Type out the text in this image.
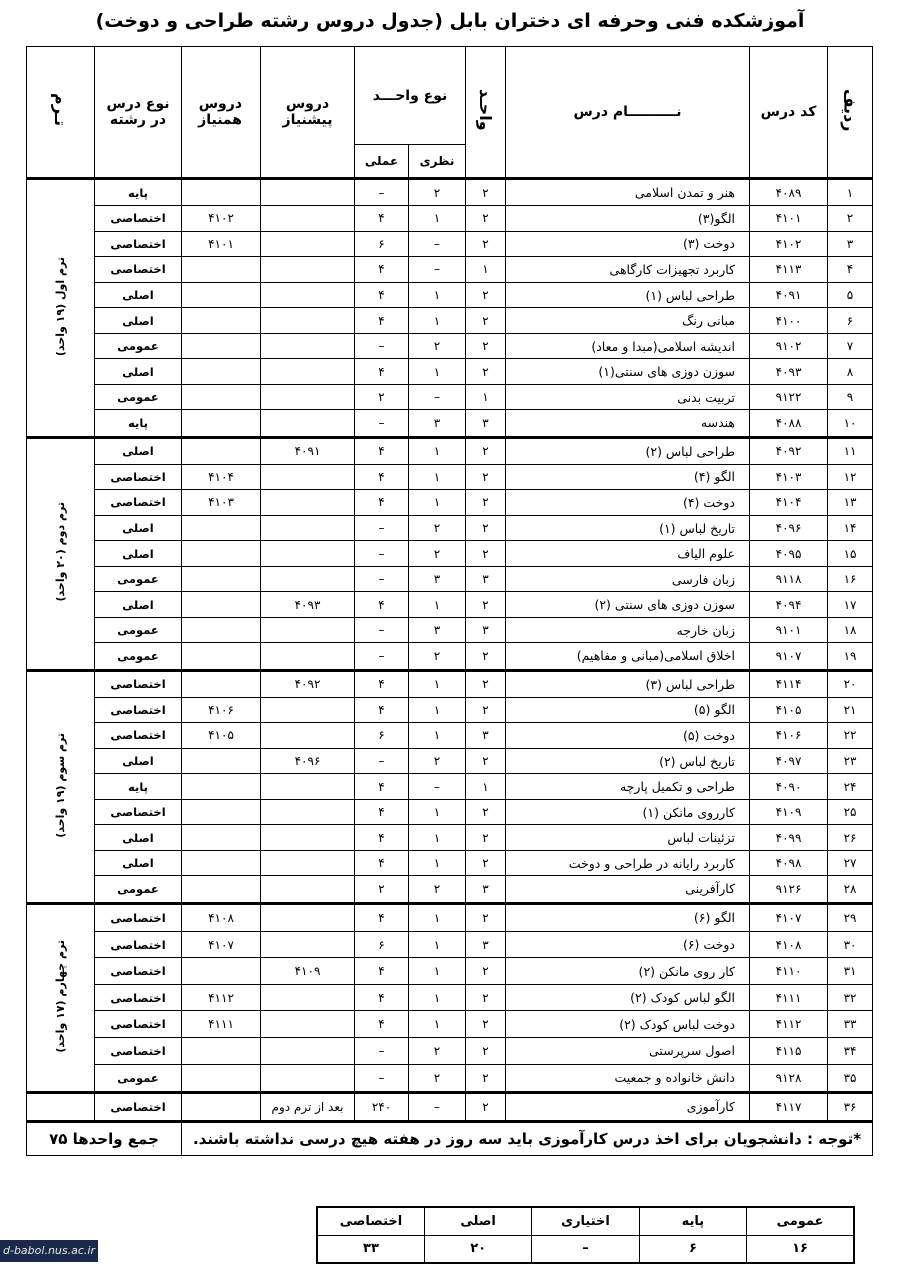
آموزشکده فنی وحرفه ای دختران بابل (جدول دروس رشته طراحی و دوخت)
ردیف	کد درس	نــــــــــام درس	واحـد	نوع واحـــد		دروس پیشنیاز	دروس همنیاز	نوع درس در رشته	تـرم
				نظری	عملی				
۱	۴۰۸۹	هنر و تمدن اسلامی	۲	۲	–			پایه	ترم اول (۱۹ واحد)
۲	۴۱۰۱	الگو(۳)	۲	۱	۴		۴۱۰۲	اختصاصی	
۳	۴۱۰۲	دوخت (۳)	۲	–	۶		۴۱۰۱	اختصاصی	
۴	۴۱۱۳	کاربرد تجهیزات کارگاهی	۱	–	۴			اختصاصی	
۵	۴۰۹۱	طراحی لباس (۱)	۲	۱	۴			اصلی	
۶	۴۱۰۰	مبانی رنگ	۲	۱	۴			اصلی	
۷	۹۱۰۲	اندیشه اسلامی(مبدا و معاد)	۲	۲	–			عمومی	
۸	۴۰۹۳	سوزن دوزی های سنتی(۱)	۲	۱	۴			اصلی	
۹	۹۱۲۲	تربیت بدنی	۱	–	۲			عمومی	
۱۰	۴۰۸۸	هندسه	۳	۳	–			پایه	
۱۱	۴۰۹۲	طراحی لباس (۲)	۲	۱	۴	۴۰۹۱		اصلی	ترم دوم (۲۰ واحد)
۱۲	۴۱۰۳	الگو (۴)	۲	۱	۴		۴۱۰۴	اختصاصی	
۱۳	۴۱۰۴	دوخت (۴)	۲	۱	۴		۴۱۰۳	اختصاصی	
۱۴	۴۰۹۶	تاریخ لباس (۱)	۲	۲	–			اصلی	
۱۵	۴۰۹۵	علوم الیاف	۲	۲	–			اصلی	
۱۶	۹۱۱۸	زبان فارسی	۳	۳	–			عمومی	
۱۷	۴۰۹۴	سوزن دوزی های سنتی (۲)	۲	۱	۴	۴۰۹۳		اصلی	
۱۸	۹۱۰۱	زبان خارجه	۳	۳	–			عمومی	
۱۹	۹۱۰۷	اخلاق اسلامی(مبانی و مفاهیم)	۲	۲	–			عمومی	
۲۰	۴۱۱۴	طراحی لباس (۳)	۲	۱	۴	۴۰۹۲		اختصاصی	ترم سوم (۱۹ واحد)
۲۱	۴۱۰۵	الگو (۵)	۲	۱	۴		۴۱۰۶	اختصاصی	
۲۲	۴۱۰۶	دوخت (۵)	۳	۱	۶		۴۱۰۵	اختصاصی	
۲۳	۴۰۹۷	تاریخ لباس (۲)	۲	۲	–	۴۰۹۶		اصلی	
۲۴	۴۰۹۰	طراحی و تکمیل پارچه	۱	–	۴			پایه	
۲۵	۴۱۰۹	کارروی مانکن (۱)	۲	۱	۴			اختصاصی	
۲۶	۴۰۹۹	تزئینات لباس	۲	۱	۴			اصلی	
۲۷	۴۰۹۸	کاربرد رایانه در طراحی و دوخت	۲	۱	۴			اصلی	
۲۸	۹۱۲۶	کارآفرینی	۳	۲	۲			عمومی	
۲۹	۴۱۰۷	الگو (۶)	۲	۱	۴		۴۱۰۸	اختصاصی	ترم چهارم (۱۷ واحد)
۳۰	۴۱۰۸	دوخت (۶)	۳	۱	۶		۴۱۰۷	اختصاصی	
۳۱	۴۱۱۰	کار روی مانکن (۲)	۲	۱	۴	۴۱۰۹		اختصاصی	
۳۲	۴۱۱۱	الگو لباس کودک (۲)	۲	۱	۴		۴۱۱۲	اختصاصی	
۳۳	۴۱۱۲	دوخت لباس کودک (۲)	۲	۱	۴		۴۱۱۱	اختصاصی	
۳۴	۴۱۱۵	اصول سرپرستی	۲	۲	–			اختصاصی	
۳۵	۹۱۲۸	دانش خانواده و جمعیت	۲	۲	–			عمومی	
۳۶	۴۱۱۷	کارآموزی	۲	–	۲۴۰	بعد از ترم دوم		اختصاصی	
*توجه : دانشجویان برای اخذ درس کارآموزی باید سه روز در هفته هیچ درسی نداشته باشند.								جمع واحدها ۷۵	
عمومی	پایه	اختیاری	اصلی	اختصاصی
۱۶	۶	–	۲۰	۳۳
d-babol.nus.ac.ir
